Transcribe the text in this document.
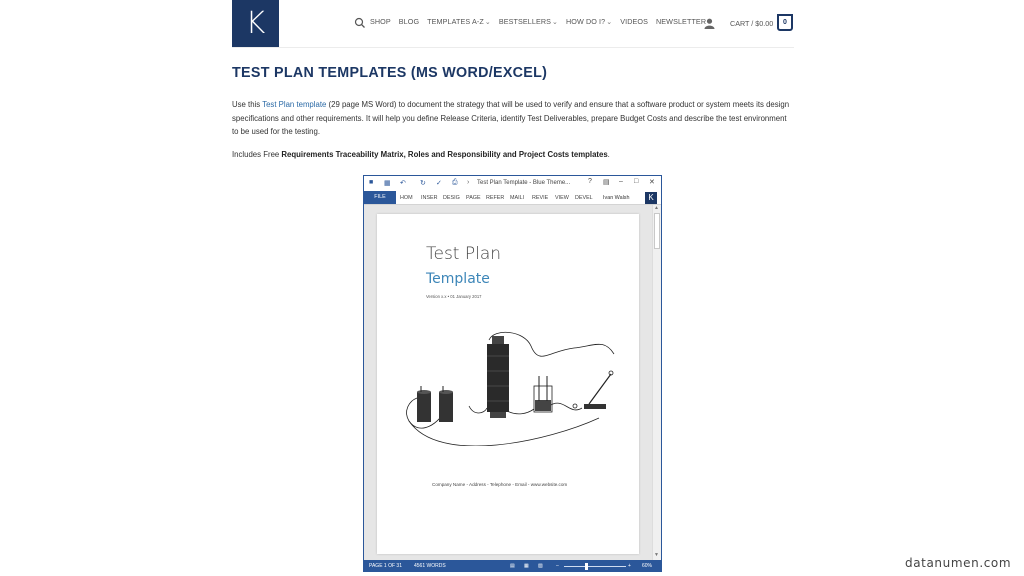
K	SHOP BLOG TEMPLATES A-Z ⌄ BESTSELLERS ⌄ HOW DO I? ⌄ VIDEOS NEWSLETTER	CART / $0.00	0
TEST PLAN TEMPLATES (MS WORD/EXCEL)

Use this Test Plan template (29 page MS Word) to document the strategy that will be used to verify and ensure that a software product or system meets its design specifications and other requirements. It will help you define Release Criteria, identify Test Deliverables, prepare Budget Costs and describe the test environment to be used for the testing.

Includes Free Requirements Traceability Matrix, Roles and Responsibility and Project Costs templates.

■ ▦ ↶ ↻ ✓ ⎙ › Test Plan Template - Blue Theme...	? ▤ – □ ✕
FILE	HOM INSER DESIG PAGE REFER MAILI REVIE VIEW DEVEL Ivan Walsh	K
Test Plan
Template
Version x.x • 01 January 2017
Company Name - Address - Telephone - Email - www.website.com
▲
▼
PAGE 1 OF 31 4561 WORDS	▤ ▦ ▧	–	+ 60%	datanumen.com
